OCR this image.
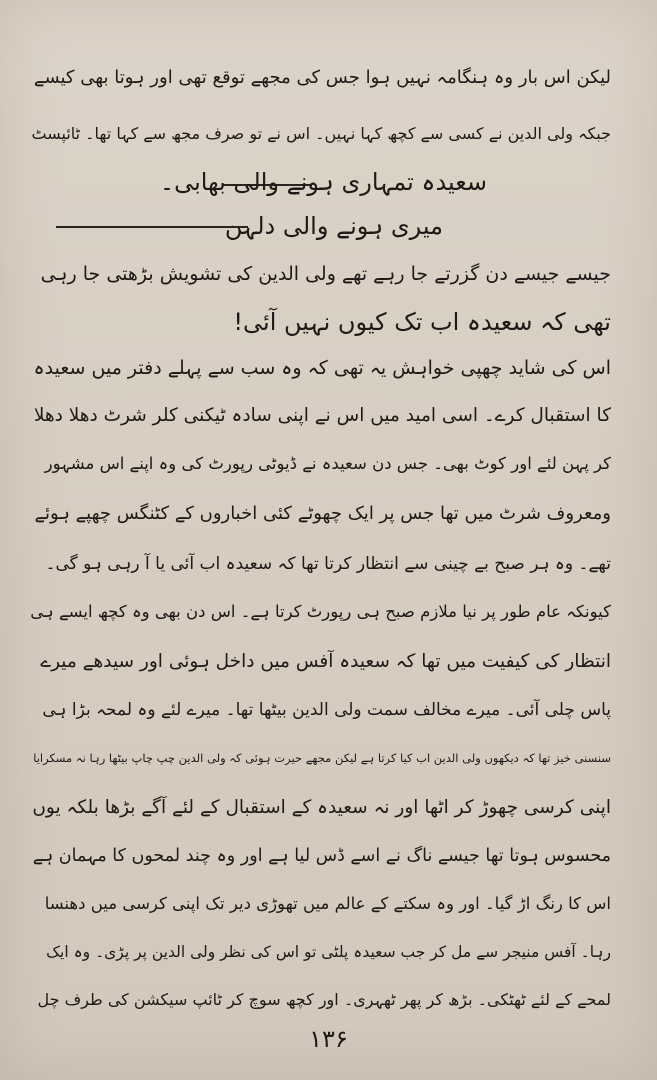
لیکن اس بار وہ ہنگامہ نہیں ہوا جس کی مجھے توقع تھی اور ہوتا بھی کیسے
جبکہ ولی الدین نے کسی سے کچھ کہا نہیں۔ اس نے تو صرف مجھ سے کہا تھا۔ ٹائپسٹ
سعیدہ تمہاری ہونے والی بھابی۔
میری ہونے والی دلہن
جیسے جیسے دن گزرتے جا رہے تھے ولی الدین کی تشویش بڑھتی جا رہی
تھی کہ سعیدہ اب تک کیوں نہیں آئی!
اس کی شاید چھپی خواہش یہ تھی کہ وہ سب سے پہلے دفتر میں سعیدہ
کا استقبال کرے۔ اسی امید میں اس نے اپنی سادہ ٹیکنی کلر شرٹ دھلا دھلا
کر پہن لئے اور کوٹ بھی۔ جس دن سعیدہ نے ڈیوٹی رپورٹ کی وہ اپنے اس مشہور
ومعروف شرٹ میں تھا جس پر ایک چھوٹے کئی اخباروں کے کٹنگس چھپے ہوئے
تھے۔ وہ ہر صبح بے چینی سے انتظار کرتا تھا کہ سعیدہ اب آئی یا آ رہی ہو گی۔
کیونکہ عام طور پر نیا ملازم صبح ہی رپورٹ کرتا ہے۔ اس دن بھی وہ کچھ ایسے ہی
انتظار کی کیفیت میں تھا کہ سعیدہ آفس میں داخل ہوئی اور سیدھے میرے
پاس چلی آئی۔ میرے مخالف سمت ولی الدین بیٹھا تھا۔ میرے لئے وہ لمحہ بڑا ہی
سنسنی خیز تھا کہ دیکھوں ولی الدین اب کیا کرتا ہے لیکن مجھے حیرت ہوئی کہ ولی الدین چپ چاپ بیٹھا رہا نہ مسکرایا
اپنی کرسی چھوڑ کر اٹھا اور نہ سعیدہ کے استقبال کے لئے آگے بڑھا بلکہ یوں
محسوس ہوتا تھا جیسے ناگ نے اسے ڈس لیا ہے اور وہ چند لمحوں کا مہمان ہے
اس کا رنگ اڑ گیا۔ اور وہ سکتے کے عالم میں تھوڑی دیر تک اپنی کرسی میں دھنسا
رہا۔ آفس منیجر سے مل کر جب سعیدہ پلٹی تو اس کی نظر ولی الدین پر پڑی۔ وہ ایک
لمحے کے لئے ٹھٹکی۔ بڑھ کر پھر ٹھہری۔ اور کچھ سوچ کر ٹائپ سیکشن کی طرف چل
۱۳۶
